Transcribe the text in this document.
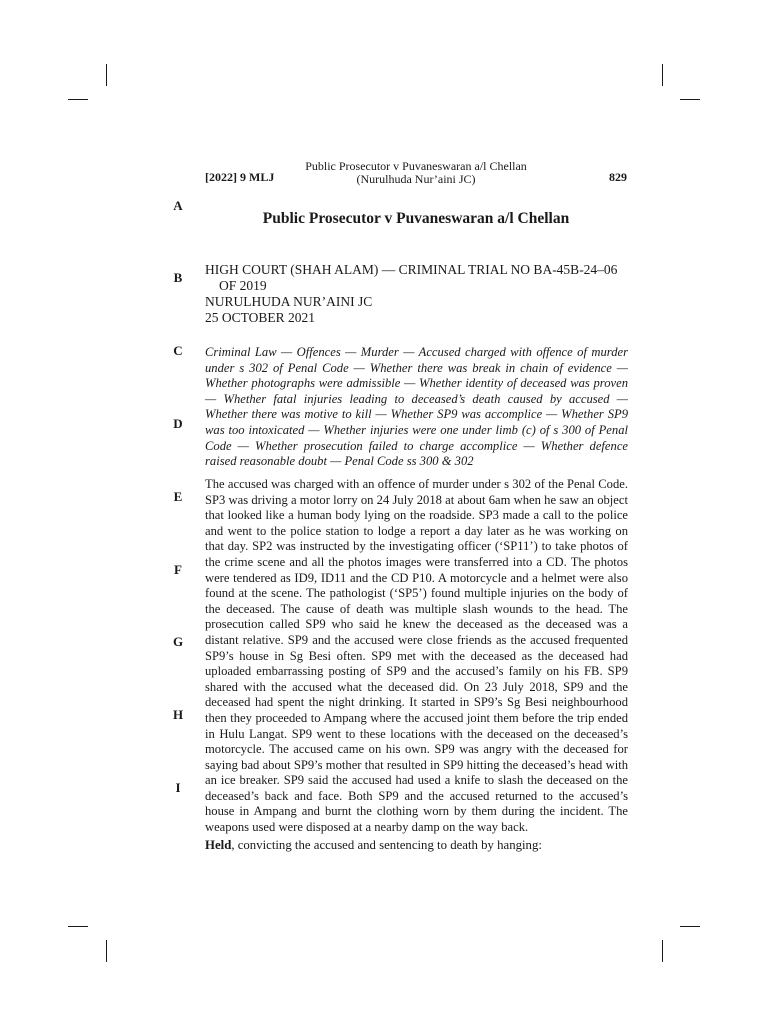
[2022] 9 MLJ
Public Prosecutor v Puvaneswaran a/l Chellan
(Nurulhuda Nur’aini JC)	829
A
B
C
D
E
F
G
H
I
Public Prosecutor v Puvaneswaran a/l Chellan
HIGH COURT (SHAH ALAM) — CRIMINAL TRIAL NO BA-45B-24–06
OF 2019
NURULHUDA NUR’AINI JC
25 OCTOBER 2021
Criminal Law — Offences — Murder — Accused charged with offence of murder under s 302 of Penal Code — Whether there was break in chain of evidence — Whether photographs were admissible — Whether identity of deceased was proven — Whether fatal injuries leading to deceased’s death caused by accused — Whether there was motive to kill — Whether SP9 was accomplice — Whether SP9 was too intoxicated — Whether injuries were one under limb (c) of s 300 of Penal Code — Whether prosecution failed to charge accomplice — Whether defence raised reasonable doubt — Penal Code ss 300 & 302
The accused was charged with an offence of murder under s 302 of the Penal Code. SP3 was driving a motor lorry on 24 July 2018 at about 6am when he saw an object that looked like a human body lying on the roadside. SP3 made a call to the police and went to the police station to lodge a report a day later as he was working on that day. SP2 was instructed by the investigating officer (‘SP11’) to take photos of the crime scene and all the photos images were transferred into a CD. The photos were tendered as ID9, ID11 and the CD P10. A motorcycle and a helmet were also found at the scene. The pathologist (‘SP5’) found multiple injuries on the body of the deceased. The cause of death was multiple slash wounds to the head. The prosecution called SP9 who said he knew the deceased as the deceased was a distant relative. SP9 and the accused were close friends as the accused frequented SP9’s house in Sg Besi often. SP9 met with the deceased as the deceased had uploaded embarrassing posting of SP9 and the accused’s family on his FB. SP9 shared with the accused what the deceased did. On 23 July 2018, SP9 and the deceased had spent the night drinking. It started in SP9’s Sg Besi neighbourhood then they proceeded to Ampang where the accused joint them before the trip ended in Hulu Langat. SP9 went to these locations with the deceased on the deceased’s motorcycle. The accused came on his own. SP9 was angry with the deceased for saying bad about SP9’s mother that resulted in SP9 hitting the deceased’s head with an ice breaker. SP9 said the accused had used a knife to slash the deceased on the deceased’s back and face. Both SP9 and the accused returned to the accused’s house in Ampang and burnt the clothing worn by them during the incident. The weapons used were disposed at a nearby damp on the way back.
Held, convicting the accused and sentencing to death by hanging:
